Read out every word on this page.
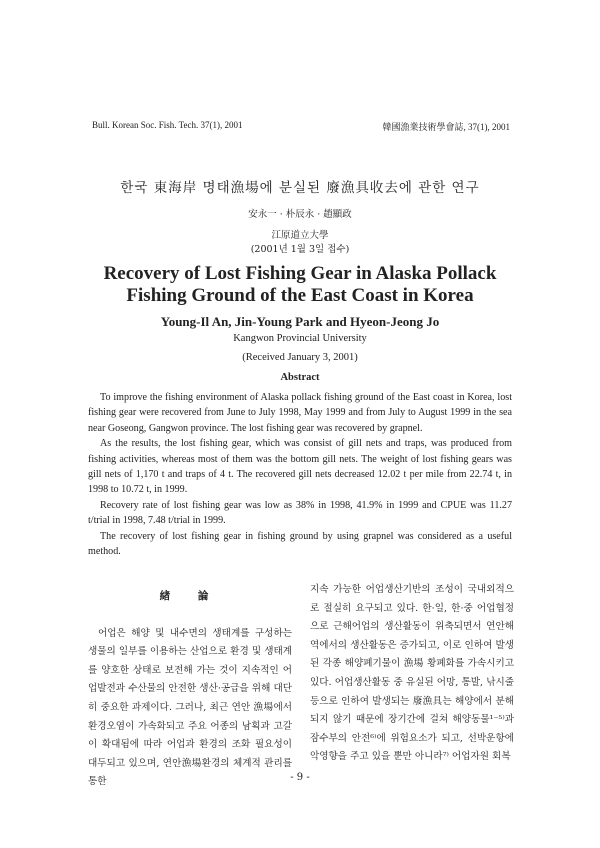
Bull. Korean Soc. Fish. Tech. 37(1), 2001	韓國漁業技術學會誌, 37(1), 2001
한국 東海岸 명태漁場에 분실된 廢漁具收去에 관한 연구
安永一 · 朴辰永 · 趙顯政
江原道立大學
(2001년 1월 3일 접수)
Recovery of Lost Fishing Gear in Alaska Pollack
Fishing Ground of the East Coast in Korea
Young-Il An, Jin-Young Park and Hyeon-Jeong Jo
Kangwon Provincial University
(Received January 3, 2001)
Abstract

To improve the fishing environment of Alaska pollack fishing ground of the East coast in Korea, lost fishing gear were recovered from June to July 1998, May 1999 and from July to August 1999 in the sea near Goseong, Gangwon province. The lost fishing gear was recovered by grapnel.

As the results, the lost fishing gear, which was consist of gill nets and traps, was produced from fishing activities, whereas most of them was the bottom gill nets. The weight of lost fishing gears was gill nets of 1,170 t and traps of 4 t. The recovered gill nets decreased 12.02 t per mile from 22.74 t, in 1998 to 10.72 t, in 1999.

Recovery rate of lost fishing gear was low as 38% in 1998, 41.9% in 1999 and CPUE was 11.27 t/trial in 1998, 7.48 t/trial in 1999.

The recovery of lost fishing gear in fishing ground by using grapnel was considered as a useful method.

緖 論

어업은 해양 및 내수면의 생태계를 구성하는 생물의 일부를 이용하는 산업으로 환경 및 생태계를 양호한 상태로 보전해 가는 것이 지속적인 어업발전과 수산물의 안전한 생산·공급을 위해 대단히 중요한 과제이다. 그러나, 최근 연안 漁場에서 환경오염이 가속화되고 주요 어종의 남획과 고갈이 확대됨에 따라 어업과 환경의 조화 필요성이 대두되고 있으며, 연안漁場환경의 체계적 관리를 통한

지속 가능한 어업생산기반의 조성이 국내외적으로 절실히 요구되고 있다. 한·일, 한·중 어업협정으로 근해어업의 생산활동이 위축되면서 연안해역에서의 생산활동은 증가되고, 이로 인하여 발생된 각종 해양폐기물이 漁場 황폐화를 가속시키고 있다. 어업생산활동 중 유실된 어망, 통발, 낚시줄 등으로 인하여 발생되는 廢漁具는 해양에서 분해되지 않기 때문에 장기간에 걸쳐 해양동물¹⁻⁵⁾과 잠수부의 안전⁶⁾에 위험요소가 되고, 선박운항에 악영향을 주고 있을 뿐만 아니라⁷⁾ 어업자원 회복

- 9 -
